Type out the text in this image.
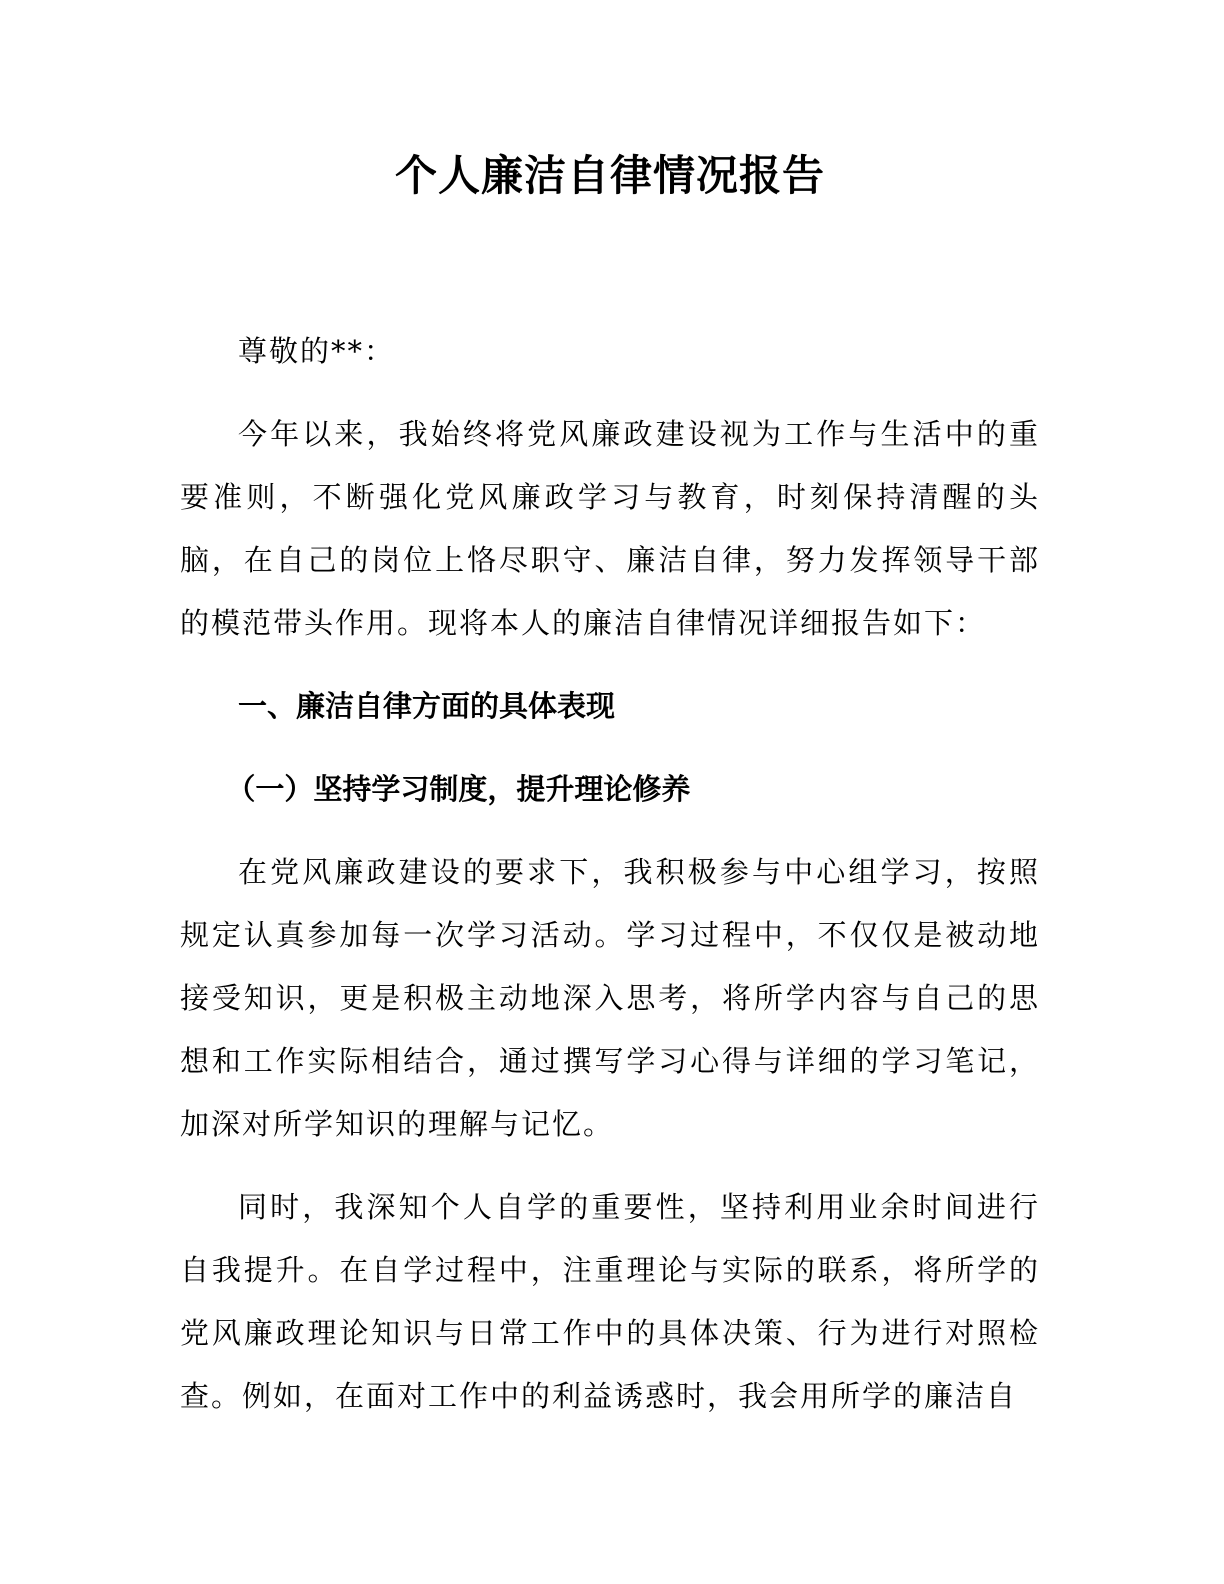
个人廉洁自律情况报告

尊敬的**：

今年以来，我始终将党风廉政建设视为工作与生活中的重要准则，不断强化党风廉政学习与教育，时刻保持清醒的头脑，在自己的岗位上恪尽职守、廉洁自律，努力发挥领导干部的模范带头作用。现将本人的廉洁自律情况详细报告如下：

一、廉洁自律方面的具体表现

（一）坚持学习制度，提升理论修养

在党风廉政建设的要求下，我积极参与中心组学习，按照规定认真参加每一次学习活动。学习过程中，不仅仅是被动地接受知识，更是积极主动地深入思考，将所学内容与自己的思想和工作实际相结合，通过撰写学习心得与详细的学习笔记，加深对所学知识的理解与记忆。

同时，我深知个人自学的重要性，坚持利用业余时间进行自我提升。在自学过程中，注重理论与实际的联系，将所学的党风廉政理论知识与日常工作中的具体决策、行为进行对照检查。例如，在面对工作中的利益诱惑时，我会用所学的廉洁自
